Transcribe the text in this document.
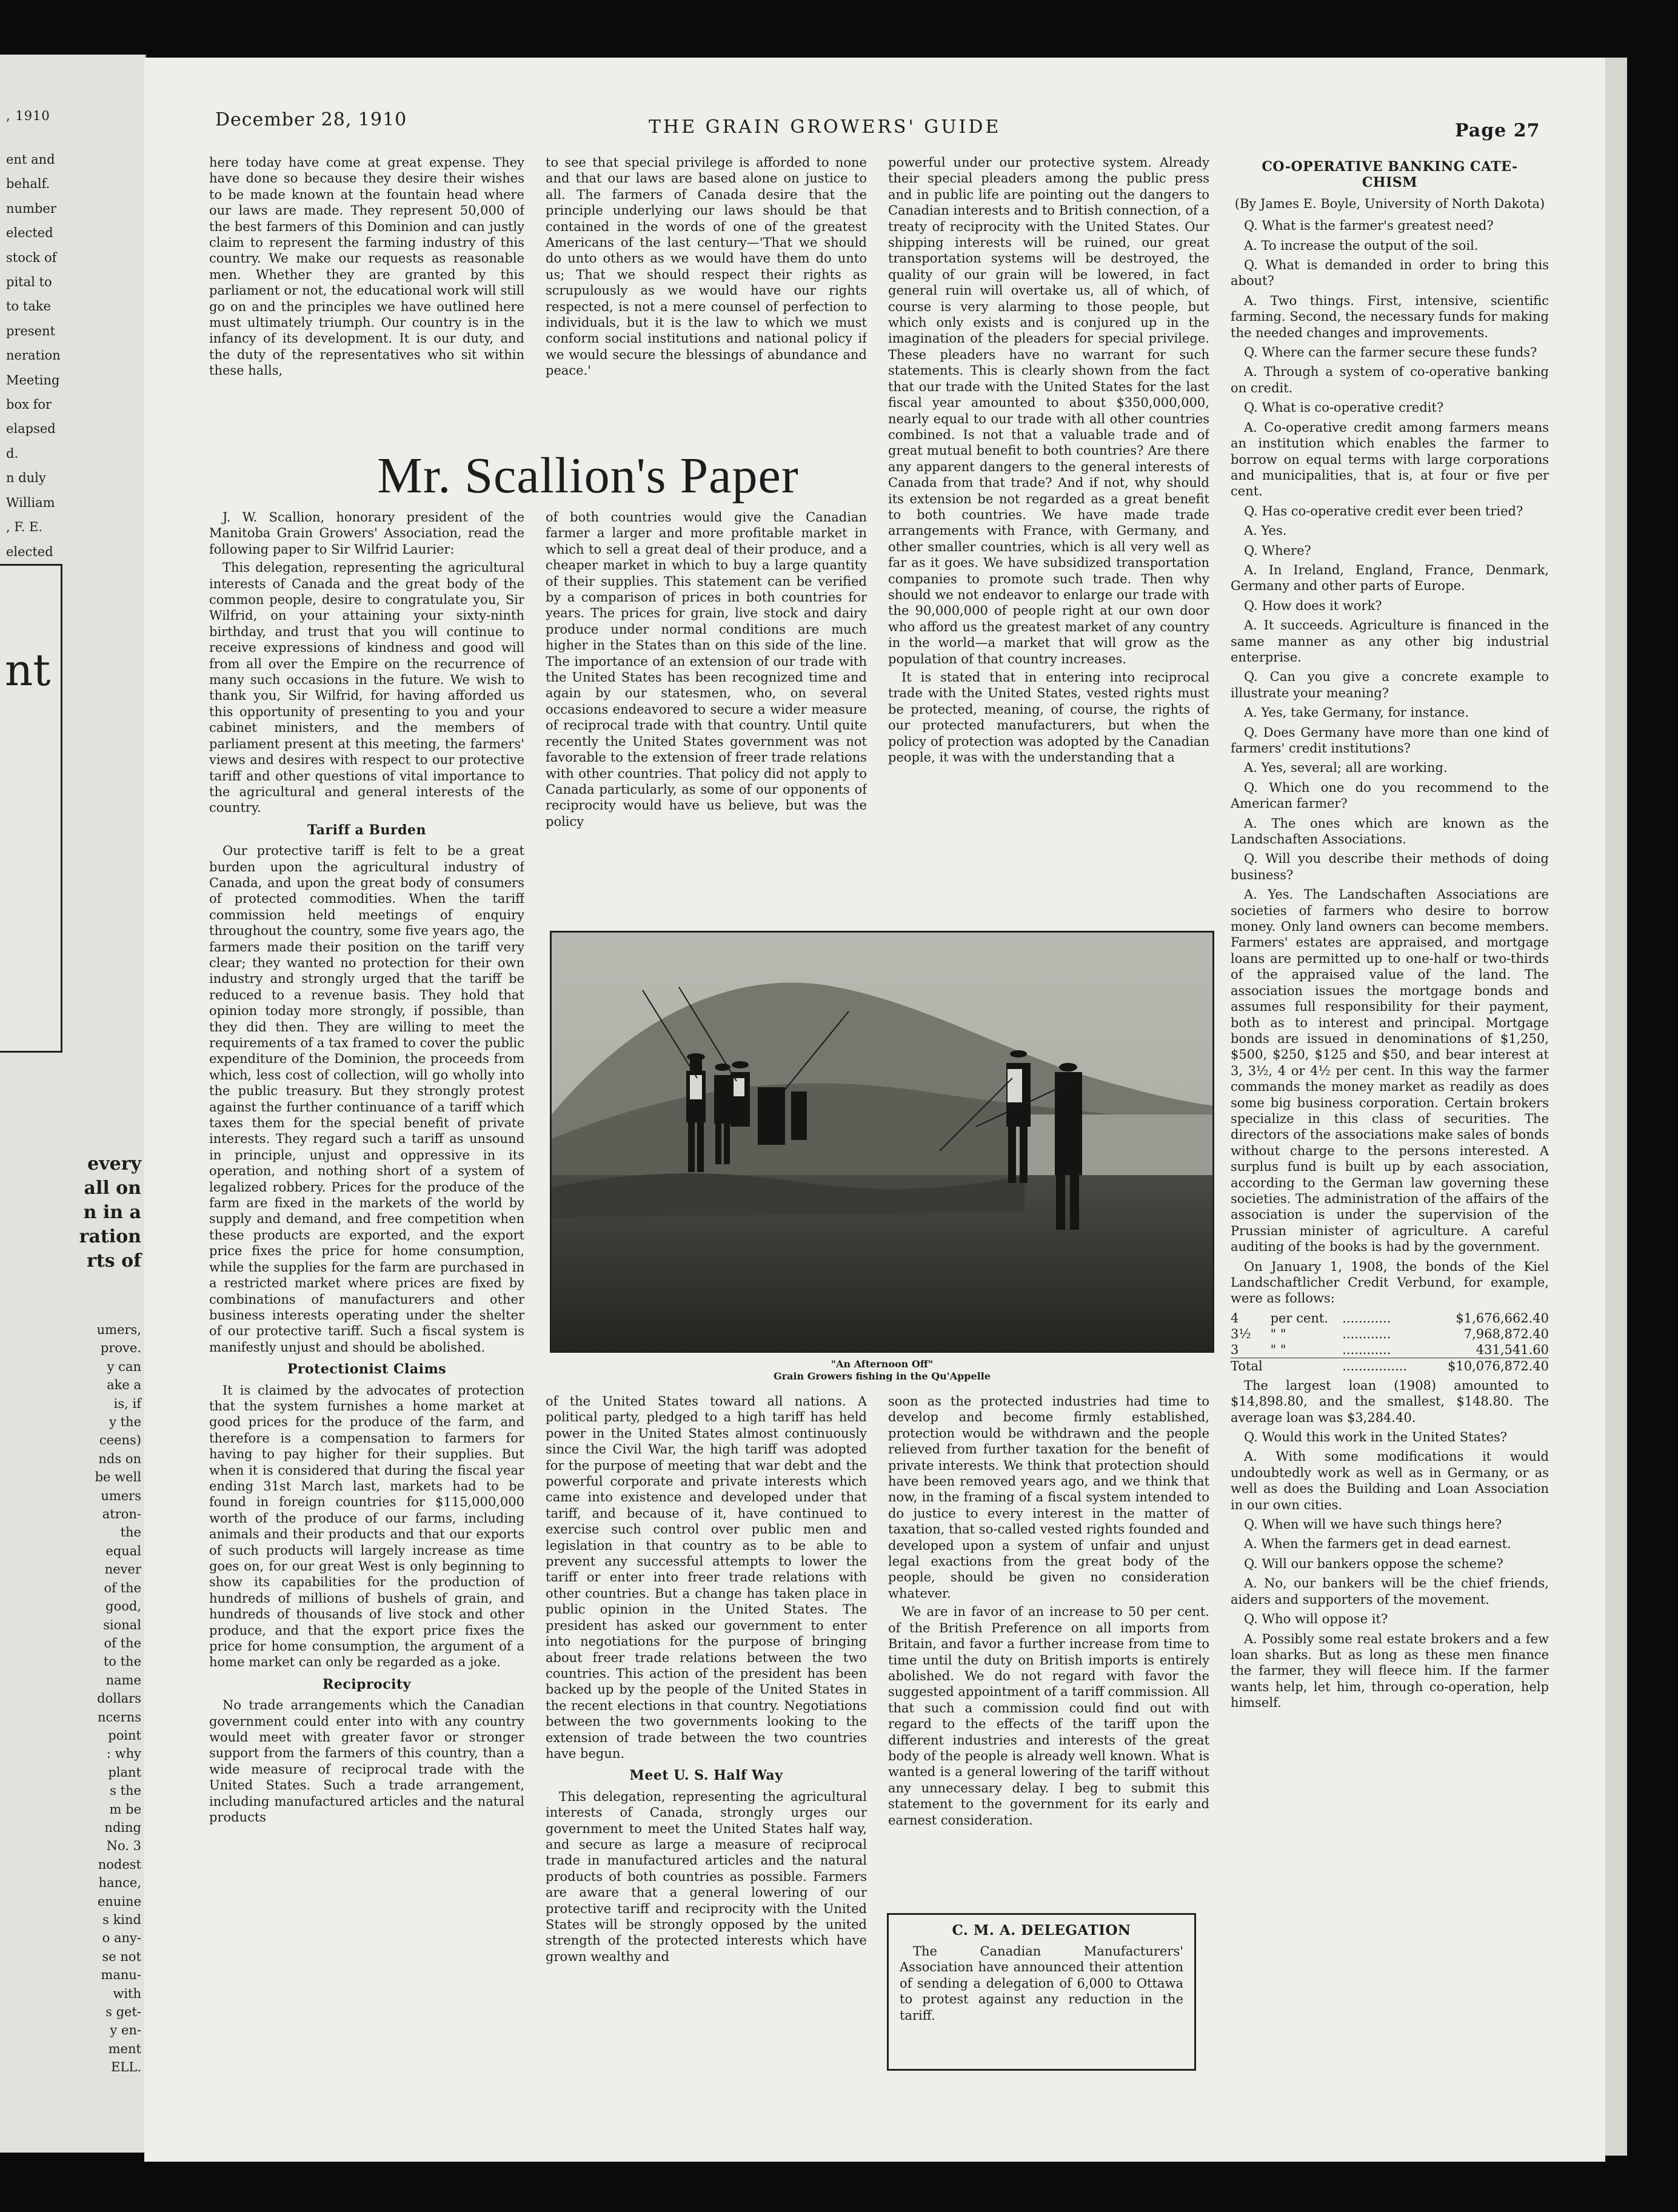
, 1910
ent and
behalf.
number
elected
stock of
pital to
to take
present
neration
Meeting
box for
elapsed
d.
n duly
William
, F. E.
elected
nt
every
all on
n in a
ration
rts of
umers,
prove.
y can
ake a
is, if
y the
ceens)
nds on
be well
umers
atron-
the
equal
never
of the
good,
sional
of the
to the
name
dollars
ncerns
point
: why
plant
s the
m be
nding
No. 3
nodest
hance,
enuine
s kind
o any-
se not
manu-
with
s get-
y en-
ment
ELL.
December 28, 1910	THE GRAIN GROWERS' GUIDE	Page 27

here today have come at great expense. They have done so because they desire their wishes to be made known at the fountain head where our laws are made. They represent 50,000 of the best farmers of this Dominion and can justly claim to represent the farming industry of this country. We make our requests as reasonable men. Whether they are granted by this parliament or not, the educational work will still go on and the principles we have outlined here must ultimately triumph. Our country is in the infancy of its development. It is our duty, and the duty of the representatives who sit within these halls,

to see that special privilege is afforded to none and that our laws are based alone on justice to all. The farmers of Canada desire that the principle underlying our laws should be that contained in the words of one of the greatest Americans of the last century—'That we should do unto others as we would have them do unto us; That we should respect their rights as scrupulously as we would have our rights respected, is not a mere counsel of perfection to individuals, but it is the law to which we must conform social institutions and national policy if we would secure the blessings of abundance and peace.'

Mr. Scallion's Paper

J. W. Scallion, honorary president of the Manitoba Grain Growers' Association, read the following paper to Sir Wilfrid Laurier:

This delegation, representing the agricultural interests of Canada and the great body of the common people, desire to congratulate you, Sir Wilfrid, on your attaining your sixty-ninth birthday, and trust that you will continue to receive expressions of kindness and good will from all over the Empire on the recurrence of many such occasions in the future. We wish to thank you, Sir Wilfrid, for having afforded us this opportunity of presenting to you and your cabinet ministers, and the members of parliament present at this meeting, the farmers' views and desires with respect to our protective tariff and other questions of vital importance to the agricultural and general interests of the country.

Tariff a Burden

Our protective tariff is felt to be a great burden upon the agricultural industry of Canada, and upon the great body of consumers of protected commodities. When the tariff commission held meetings of enquiry throughout the country, some five years ago, the farmers made their position on the tariff very clear; they wanted no protection for their own industry and strongly urged that the tariff be reduced to a revenue basis. They hold that opinion today more strongly, if possible, than they did then. They are willing to meet the requirements of a tax framed to cover the public expenditure of the Dominion, the proceeds from which, less cost of collection, will go wholly into the public treasury. But they strongly protest against the further continuance of a tariff which taxes them for the special benefit of private interests. They regard such a tariff as unsound in principle, unjust and oppressive in its operation, and nothing short of a system of legalized robbery. Prices for the produce of the farm are fixed in the markets of the world by supply and demand, and free competition when these products are exported, and the export price fixes the price for home consumption, while the supplies for the farm are purchased in a restricted market where prices are fixed by combinations of manufacturers and other business interests operating under the shelter of our protective tariff. Such a fiscal system is manifestly unjust and should be abolished.

Protectionist Claims

It is claimed by the advocates of protection that the system furnishes a home market at good prices for the produce of the farm, and therefore is a compensation to farmers for having to pay higher for their supplies. But when it is considered that during the fiscal year ending 31st March last, markets had to be found in foreign countries for $115,000,000 worth of the produce of our farms, including animals and their products and that our exports of such products will largely increase as time goes on, for our great West is only beginning to show its capabilities for the production of hundreds of millions of bushels of grain, and hundreds of thousands of live stock and other produce, and that the export price fixes the price for home consumption, the argument of a home market can only be regarded as a joke.

Reciprocity

No trade arrangements which the Canadian government could enter into with any country would meet with greater favor or stronger support from the farmers of this country, than a wide measure of reciprocal trade with the United States. Such a trade arrangement, including manufactured articles and the natural products

of both countries would give the Canadian farmer a larger and more profitable market in which to sell a great deal of their produce, and a cheaper market in which to buy a large quantity of their supplies. This statement can be verified by a comparison of prices in both countries for years. The prices for grain, live stock and dairy produce under normal conditions are much higher in the States than on this side of the line. The importance of an extension of our trade with the United States has been recognized time and again by our statesmen, who, on several occasions endeavored to secure a wider measure of reciprocal trade with that country. Until quite recently the United States government was not favorable to the extension of freer trade relations with other countries. That policy did not apply to Canada particularly, as some of our opponents of reciprocity would have us believe, but was the policy

powerful under our protective system. Already their special pleaders among the public press and in public life are pointing out the dangers to Canadian interests and to British connection, of a treaty of reciprocity with the United States. Our shipping interests will be ruined, our great transportation systems will be destroyed, the quality of our grain will be lowered, in fact general ruin will overtake us, all of which, of course is very alarming to those people, but which only exists and is conjured up in the imagination of the pleaders for special privilege. These pleaders have no warrant for such statements. This is clearly shown from the fact that our trade with the United States for the last fiscal year amounted to about $350,000,000, nearly equal to our trade with all other countries combined. Is not that a valuable trade and of great mutual benefit to both countries? Are there any apparent dangers to the general interests of Canada from that trade? And if not, why should its extension be not regarded as a great benefit to both countries. We have made trade arrangements with France, with Germany, and other smaller countries, which is all very well as far as it goes. We have subsidized transportation companies to promote such trade. Then why should we not endeavor to enlarge our trade with the 90,000,000 of people right at our own door who afford us the greatest market of any country in the world—a market that will grow as the population of that country increases.

It is stated that in entering into reciprocal trade with the United States, vested rights must be protected, meaning, of course, the rights of our protected manufacturers, but when the policy of protection was adopted by the Canadian people, it was with the understanding that a

"An Afternoon Off"
Grain Growers fishing in the Qu'Appelle

of the United States toward all nations. A political party, pledged to a high tariff has held power in the United States almost continuously since the Civil War, the high tariff was adopted for the purpose of meeting that war debt and the powerful corporate and private interests which came into existence and developed under that tariff, and because of it, have continued to exercise such control over public men and legislation in that country as to be able to prevent any successful attempts to lower the tariff or enter into freer trade relations with other countries. But a change has taken place in public opinion in the United States. The president has asked our government to enter into negotiations for the purpose of bringing about freer trade relations between the two countries. This action of the president has been backed up by the people of the United States in the recent elections in that country. Negotiations between the two governments looking to the extension of trade between the two countries have begun.

Meet U. S. Half Way

This delegation, representing the agricultural interests of Canada, strongly urges our government to meet the United States half way, and secure as large a measure of reciprocal trade in manufactured articles and the natural products of both countries as possible. Farmers are aware that a general lowering of our protective tariff and reciprocity with the United States will be strongly opposed by the united strength of the protected interests which have grown wealthy and

soon as the protected industries had time to develop and become firmly established, protection would be withdrawn and the people relieved from further taxation for the benefit of private interests. We think that protection should have been removed years ago, and we think that now, in the framing of a fiscal system intended to do justice to every interest in the matter of taxation, that so-called vested rights founded and developed upon a system of unfair and unjust legal exactions from the great body of the people, should be given no consideration whatever.

We are in favor of an increase to 50 per cent. of the British Preference on all imports from Britain, and favor a further increase from time to time until the duty on British imports is entirely abolished. We do not regard with favor the suggested appointment of a tariff commission. All that such a commission could find out with regard to the effects of the tariff upon the different industries and interests of the great body of the people is already well known. What is wanted is a general lowering of the tariff without any unnecessary delay. I beg to submit this statement to the government for its early and earnest consideration.

C. M. A. DELEGATION
The Canadian Manufacturers' Association have announced their attention of sending a delegation of 6,000 to Ottawa to protest against any reduction in the tariff.
CO-OPERATIVE BANKING CATE-
CHISM
(By James E. Boyle, University of North Dakota)

Q. What is the farmer's greatest need?

A. To increase the output of the soil.

Q. What is demanded in order to bring this about?

A. Two things. First, intensive, scientific farming. Second, the necessary funds for making the needed changes and improvements.

Q. Where can the farmer secure these funds?

A. Through a system of co-operative banking on credit.

Q. What is co-operative credit?

A. Co-operative credit among farmers means an institution which enables the farmer to borrow on equal terms with large corporations and municipalities, that is, at four or five per cent.

Q. Has co-operative credit ever been tried?

A. Yes.

Q. Where?

A. In Ireland, England, France, Denmark, Germany and other parts of Europe.

Q. How does it work?

A. It succeeds. Agriculture is financed in the same manner as any other big industrial enterprise.

Q. Can you give a concrete example to illustrate your meaning?

A. Yes, take Germany, for instance.

Q. Does Germany have more than one kind of farmers' credit institutions?

A. Yes, several; all are working.

Q. Which one do you recommend to the American farmer?

A. The ones which are known as the Landschaften Associations.

Q. Will you describe their methods of doing business?

A. Yes. The Landschaften Associations are societies of farmers who desire to borrow money. Only land owners can become members. Farmers' estates are appraised, and mortgage loans are permitted up to one-half or two-thirds of the appraised value of the land. The association issues the mortgage bonds and assumes full responsibility for their payment, both as to interest and principal. Mortgage bonds are issued in denominations of $1,250, $500, $250, $125 and $50, and bear interest at 3, 3½, 4 or 4½ per cent. In this way the farmer commands the money market as readily as does some big business corporation. Certain brokers specialize in this class of securities. The directors of the associations make sales of bonds without charge to the persons interested. A surplus fund is built up by each association, according to the German law governing these societies. The administration of the affairs of the association is under the supervision of the Prussian minister of agriculture. A careful auditing of the books is had by the government.

On January 1, 1908, the bonds of the Kiel Landschaftlicher Credit Verbund, for example, were as follows:

4	per cent.	............	$1,676,662.40
3½	" "	............	7,968,872.40
3	" "	............	431,541.60
Total		................	$10,076,872.40

The largest loan (1908) amounted to $14,898.80, and the smallest, $148.80. The average loan was $3,284.40.

Q. Would this work in the United States?

A. With some modifications it would undoubtedly work as well as in Germany, or as well as does the Building and Loan Association in our own cities.

Q. When will we have such things here?

A. When the farmers get in dead earnest.

Q. Will our bankers oppose the scheme?

A. No, our bankers will be the chief friends, aiders and supporters of the movement.

Q. Who will oppose it?

A. Possibly some real estate brokers and a few loan sharks. But as long as these men finance the farmer, they will fleece him. If the farmer wants help, let him, through co-operation, help himself.
